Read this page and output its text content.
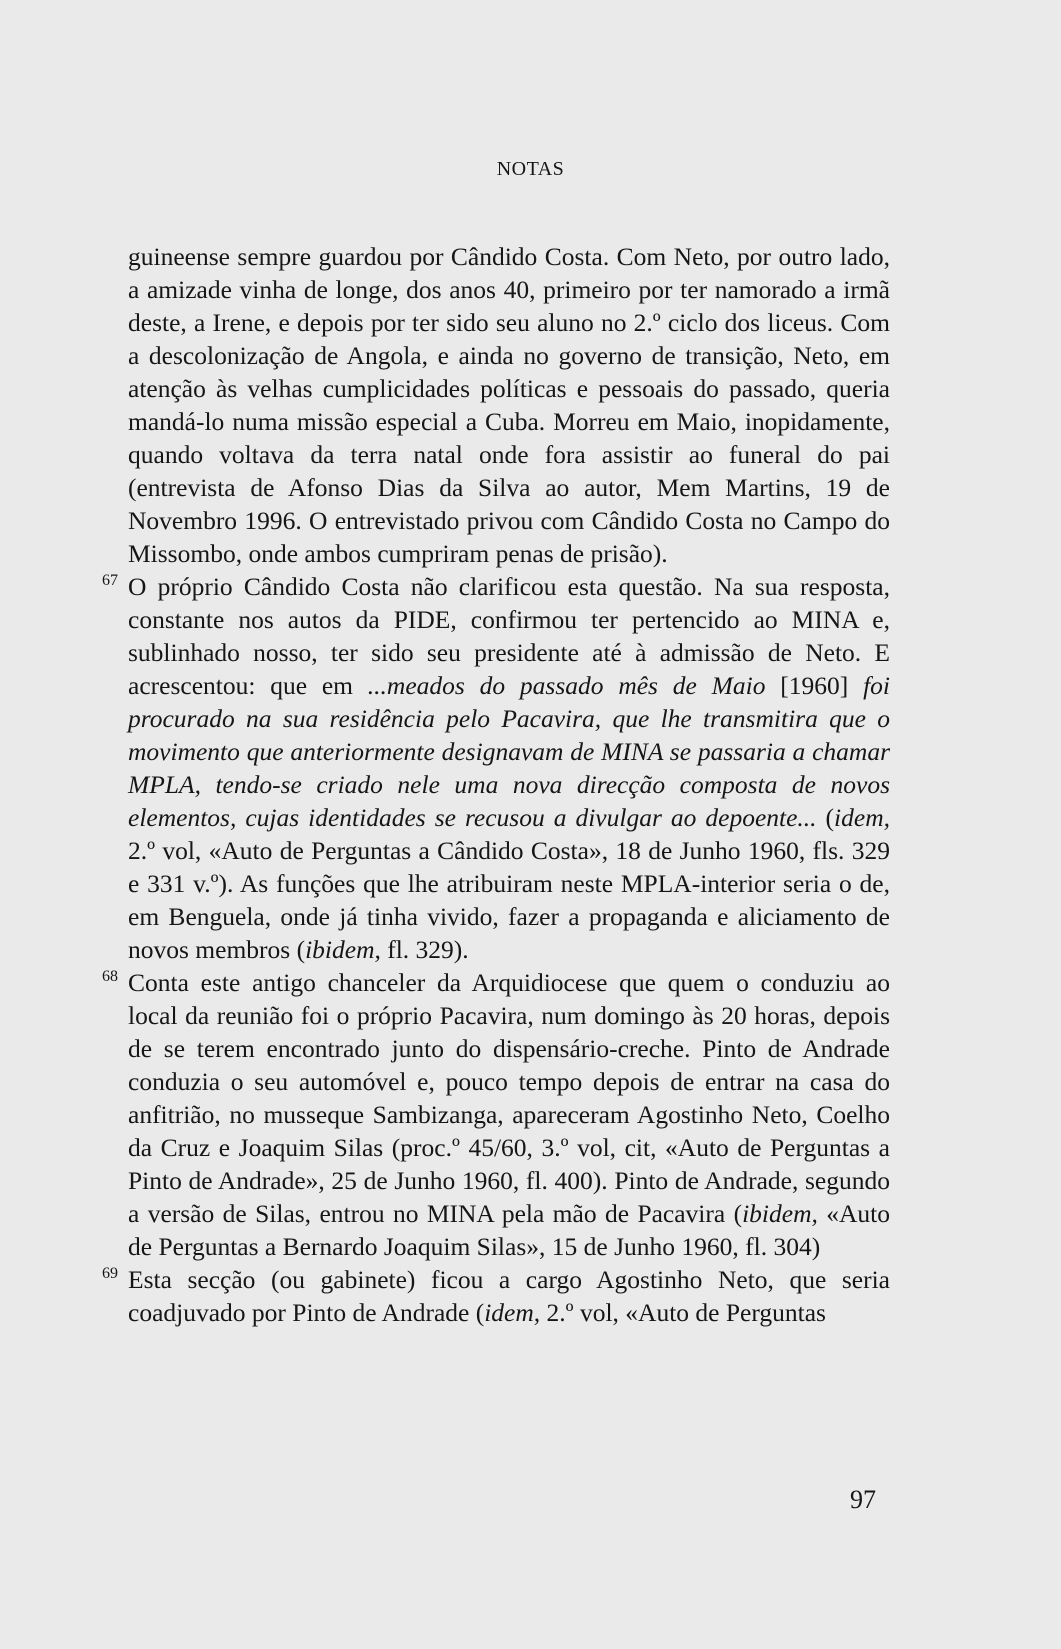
NOTAS

guineense sempre guardou por Cândido Costa. Com Neto, por outro lado, a amizade vinha de longe, dos anos 40, primeiro por ter namorado a irmã deste, a Irene, e depois por ter sido seu aluno no 2.º ciclo dos liceus. Com a descolonização de Angola, e ainda no governo de transição, Neto, em atenção às velhas cumplicidades políticas e pessoais do passado, queria mandá-lo numa missão especial a Cuba. Morreu em Maio, inopidamente, quando voltava da terra natal onde fora assistir ao funeral do pai (entrevista de Afonso Dias da Silva ao autor, Mem Martins, 19 de Novembro 1996. O entrevistado privou com Cândido Costa no Campo do Missombo, onde ambos cumpriram penas de prisão).

67 O próprio Cândido Costa não clarificou esta questão. Na sua resposta, constante nos autos da PIDE, confirmou ter pertencido ao MINA e, sublinhado nosso, ter sido seu presidente até à admissão de Neto. E acrescentou: que em ...meados do passado mês de Maio [1960] foi procurado na sua residência pelo Pacavira, que lhe transmitira que o movimento que anteriormente designavam de MINA se passaria a chamar MPLA, tendo-se criado nele uma nova direcção composta de novos elementos, cujas identidades se recusou a divulgar ao depoente... (idem, 2.º vol, «Auto de Perguntas a Cândido Costa», 18 de Junho 1960, fls. 329 e 331 v.º). As funções que lhe atribuiram neste MPLA-interior seria o de, em Benguela, onde já tinha vivido, fazer a propaganda e aliciamento de novos membros (ibidem, fl. 329).

68 Conta este antigo chanceler da Arquidiocese que quem o conduziu ao local da reunião foi o próprio Pacavira, num domingo às 20 horas, depois de se terem encontrado junto do dispensário-creche. Pinto de Andrade conduzia o seu automóvel e, pouco tempo depois de entrar na casa do anfitrião, no musseque Sambizanga, apareceram Agostinho Neto, Coelho da Cruz e Joaquim Silas (proc.º 45/60, 3.º vol, cit, «Auto de Perguntas a Pinto de Andrade», 25 de Junho 1960, fl. 400). Pinto de Andrade, segundo a versão de Silas, entrou no MINA pela mão de Pacavira (ibidem, «Auto de Perguntas a Bernardo Joaquim Silas», 15 de Junho 1960, fl. 304)

69 Esta secção (ou gabinete) ficou a cargo Agostinho Neto, que seria coadjuvado por Pinto de Andrade (idem, 2.º vol, «Auto de Perguntas

97
